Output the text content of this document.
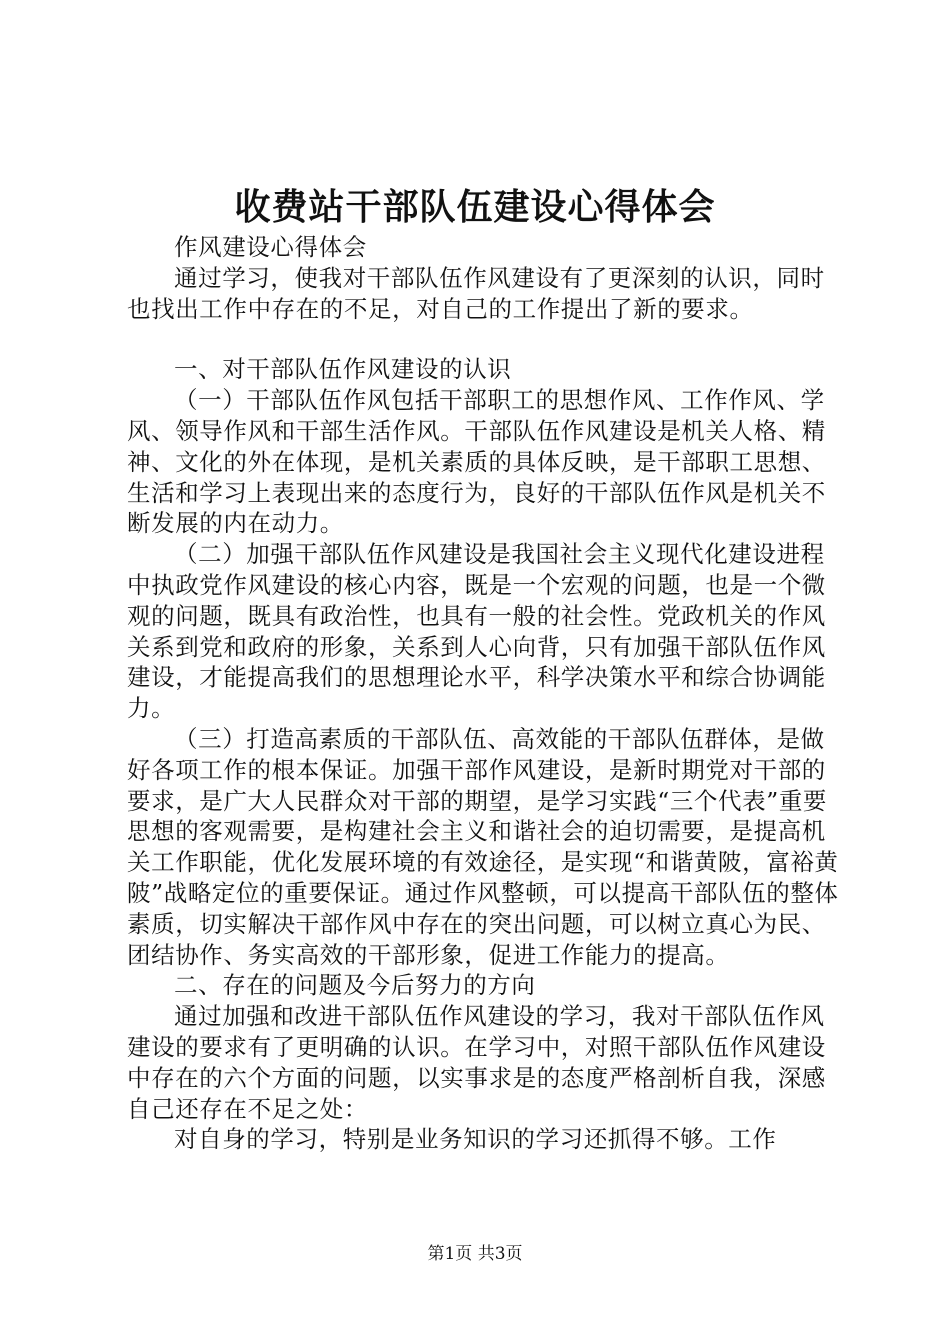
收费站干部队伍建设心得体会

作风建设心得体会

通过学习，使我对干部队伍作风建设有了更深刻的认识，同时也找出工作中存在的不足，对自己的工作提出了新的要求。

一、对干部队伍作风建设的认识

（一）干部队伍作风包括干部职工的思想作风、工作作风、学风、领导作风和干部生活作风。干部队伍作风建设是机关人格、精神、文化的外在体现，是机关素质的具体反映，是干部职工思想、生活和学习上表现出来的态度行为，良好的干部队伍作风是机关不断发展的内在动力。

（二）加强干部队伍作风建设是我国社会主义现代化建设进程中执政党作风建设的核心内容，既是一个宏观的问题，也是一个微观的问题，既具有政治性，也具有一般的社会性。党政机关的作风关系到党和政府的形象，关系到人心向背，只有加强干部队伍作风建设，才能提高我们的思想理论水平，科学决策水平和综合协调能力。

（三）打造高素质的干部队伍、高效能的干部队伍群体，是做好各项工作的根本保证。加强干部作风建设，是新时期党对干部的要求，是广大人民群众对干部的期望，是学习实践“三个代表”重要思想的客观需要，是构建社会主义和谐社会的迫切需要，是提高机关工作职能，优化发展环境的有效途径，是实现“和谐黄陂，富裕黄陂”战略定位的重要保证。通过作风整顿，可以提高干部队伍的整体素质，切实解决干部作风中存在的突出问题，可以树立真心为民、团结协作、务实高效的干部形象，促进工作能力的提高。

二、存在的问题及今后努力的方向

通过加强和改进干部队伍作风建设的学习，我对干部队伍作风建设的要求有了更明确的认识。在学习中，对照干部队伍作风建设中存在的六个方面的问题，以实事求是的态度严格剖析自我，深感自己还存在不足之处：

对自身的学习，特别是业务知识的学习还抓得不够。工作

第1页 共3页
